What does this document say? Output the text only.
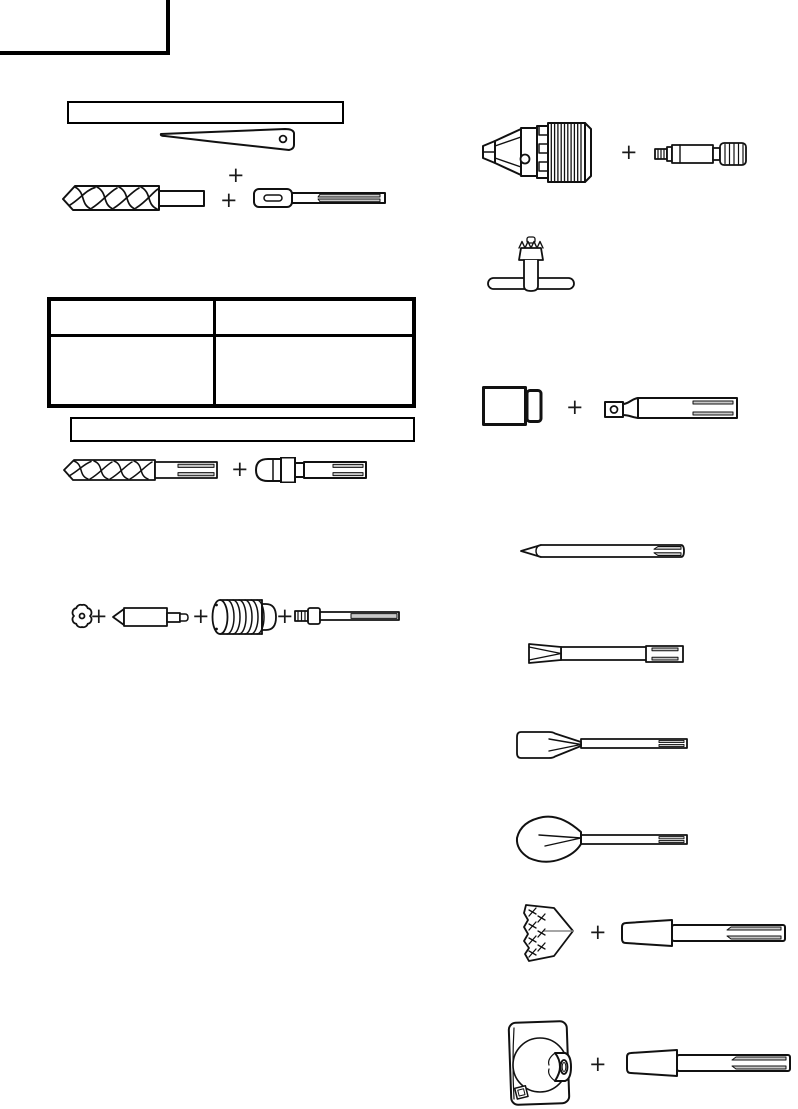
+
+
+
+	+	+
+
+
+
+
